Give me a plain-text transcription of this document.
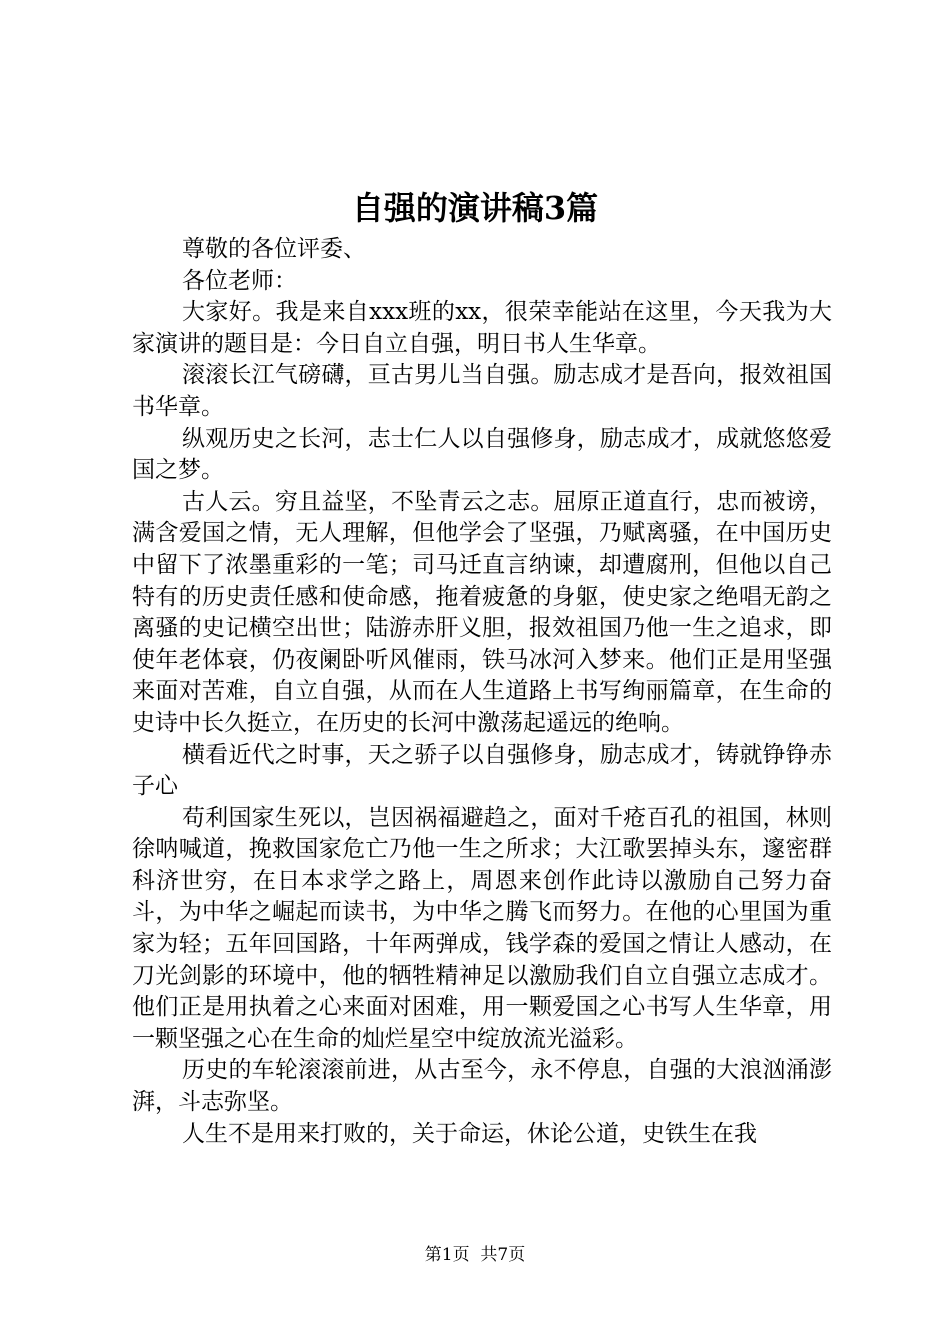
自强的演讲稿3篇

尊敬的各位评委、

各位老师：

大家好。我是来自xxx班的xx，很荣幸能站在这里，今天我为大家演讲的题目是：今日自立自强，明日书人生华章。

滚滚长江气磅礴，亘古男儿当自强。励志成才是吾向，报效祖国书华章。

纵观历史之长河，志士仁人以自强修身，励志成才，成就悠悠爱国之梦。

古人云。穷且益坚，不坠青云之志。屈原正道直行，忠而被谤，满含爱国之情，无人理解，但他学会了坚强，乃赋离骚，在中国历史中留下了浓墨重彩的一笔；司马迁直言纳谏，却遭腐刑，但他以自己特有的历史责任感和使命感，拖着疲惫的身躯，使史家之绝唱无韵之离骚的史记横空出世；陆游赤肝义胆，报效祖国乃他一生之追求，即使年老体衰，仍夜阑卧听风催雨，铁马冰河入梦来。他们正是用坚强来面对苦难，自立自强，从而在人生道路上书写绚丽篇章，在生命的史诗中长久挺立，在历史的长河中激荡起遥远的绝响。

横看近代之时事，天之骄子以自强修身，励志成才，铸就铮铮赤子心

苟利国家生死以，岂因祸福避趋之，面对千疮百孔的祖国，林则徐呐喊道，挽救国家危亡乃他一生之所求；大江歌罢掉头东，邃密群科济世穷，在日本求学之路上，周恩来创作此诗以激励自己努力奋斗，为中华之崛起而读书，为中华之腾飞而努力。在他的心里国为重家为轻；五年回国路，十年两弹成，钱学森的爱国之情让人感动，在刀光剑影的环境中，他的牺牲精神足以激励我们自立自强立志成才。他们正是用执着之心来面对困难，用一颗爱国之心书写人生华章，用一颗坚强之心在生命的灿烂星空中绽放流光溢彩。

历史的车轮滚滚前进，从古至今，永不停息，自强的大浪汹涌澎湃，斗志弥坚。

人生不是用来打败的，关于命运，休论公道，史铁生在我

第1页 共7页
